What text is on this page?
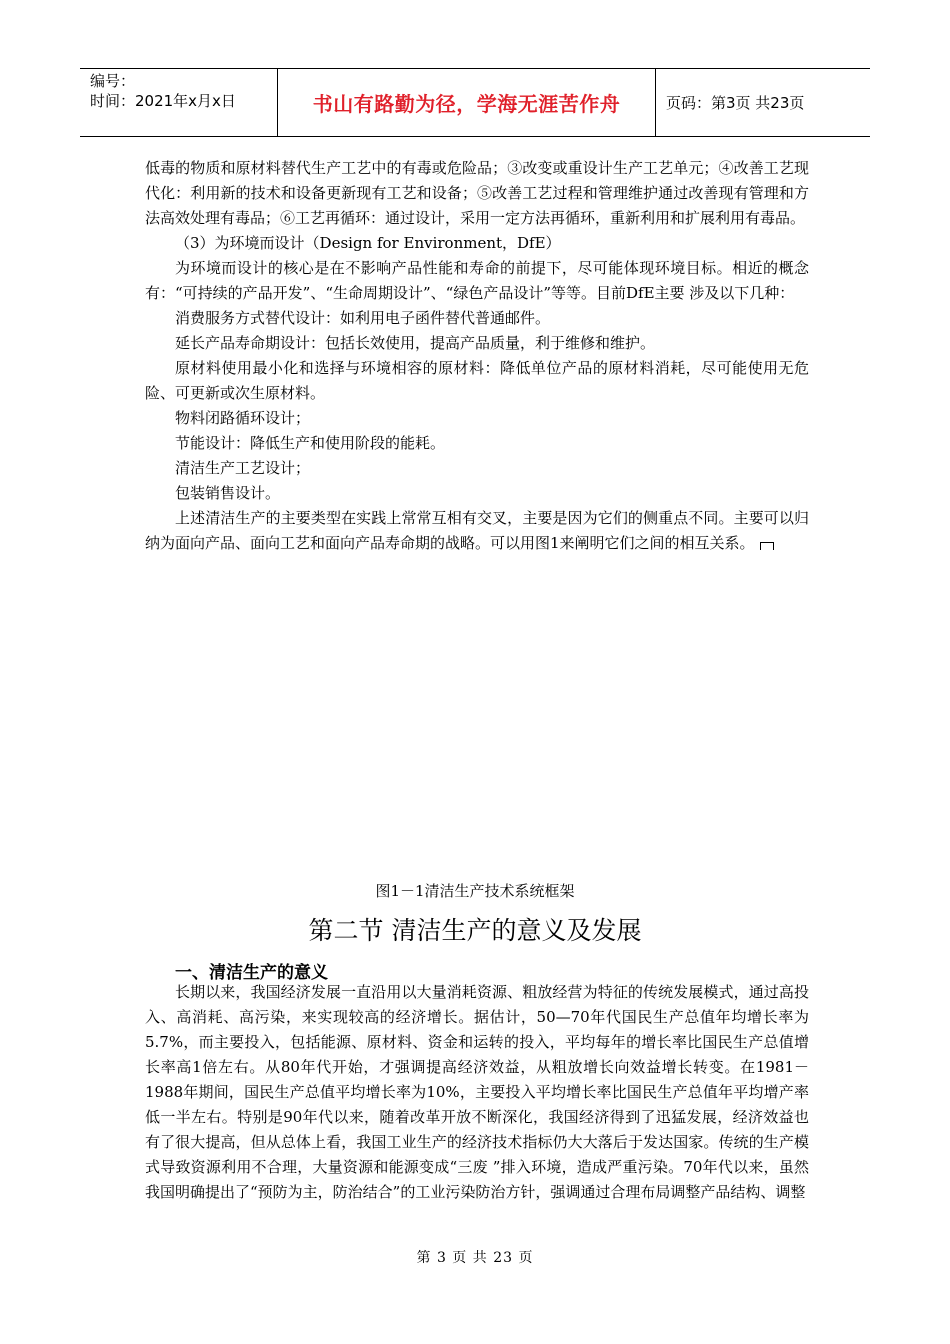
编号：
时间：2021年x月x日	书山有路勤为径，学海无涯苦作舟	页码：第3页 共23页

低毒的物质和原材料替代生产工艺中的有毒或危险品；③改变或重设计生产工艺单元；④改善工艺现代化：利用新的技术和设备更新现有工艺和设备；⑤改善工艺过程和管理维护通过改善现有管理和方法高效处理有毒品；⑥工艺再循环：通过设计，采用一定方法再循环，重新利用和扩展利用有毒品。

（3）为环境而设计（Design for Environment，DfE）

为环境而设计的核心是在不影响产品性能和寿命的前提下，尽可能体现环境目标。相近的概念有：“可持续的产品开发”、“生命周期设计”、“绿色产品设计”等等。目前DfE主要 涉及以下几种：

消费服务方式替代设计：如利用电子函件替代普通邮件。

延长产品寿命期设计：包括长效使用，提高产品质量，利于维修和维护。

原材料使用最小化和选择与环境相容的原材料：降低单位产品的原材料消耗，尽可能使用无危险、可更新或次生原材料。

物料闭路循环设计；

节能设计：降低生产和使用阶段的能耗。

清洁生产工艺设计；

包装销售设计。

上述清洁生产的主要类型在实践上常常互相有交叉，主要是因为它们的侧重点不同。主要可以归纳为面向产品、面向工艺和面向产品寿命期的战略。可以用图1来阐明它们之间的相互关系。

图1－1清洁生产技术系统框架
第二节 清洁生产的意义及发展
一、清洁生产的意义

长期以来，我国经济发展一直沿用以大量消耗资源、粗放经营为特征的传统发展模式，通过高投入、高消耗、高污染，来实现较高的经济增长。据估计，50—70年代国民生产总值年均增长率为5.7%，而主要投入，包括能源、原材料、资金和运转的投入，平均每年的增长率比国民生产总值增长率高1倍左右。从80年代开始，才强调提高经济效益，从粗放增长向效益增长转变。在1981－1988年期间，国民生产总值平均增长率为10%，主要投入平均增长率比国民生产总值年平均增产率低一半左右。特别是90年代以来，随着改革开放不断深化，我国经济得到了迅猛发展，经济效益也有了很大提高，但从总体上看，我国工业生产的经济技术指标仍大大落后于发达国家。传统的生产模式导致资源利用不合理，大量资源和能源变成“三废 ”排入环境，造成严重污染。70年代以来，虽然我国明确提出了“预防为主，防治结合”的工业污染防治方针，强调通过合理布局调整产品结构、调整

第 3 页 共 23 页
